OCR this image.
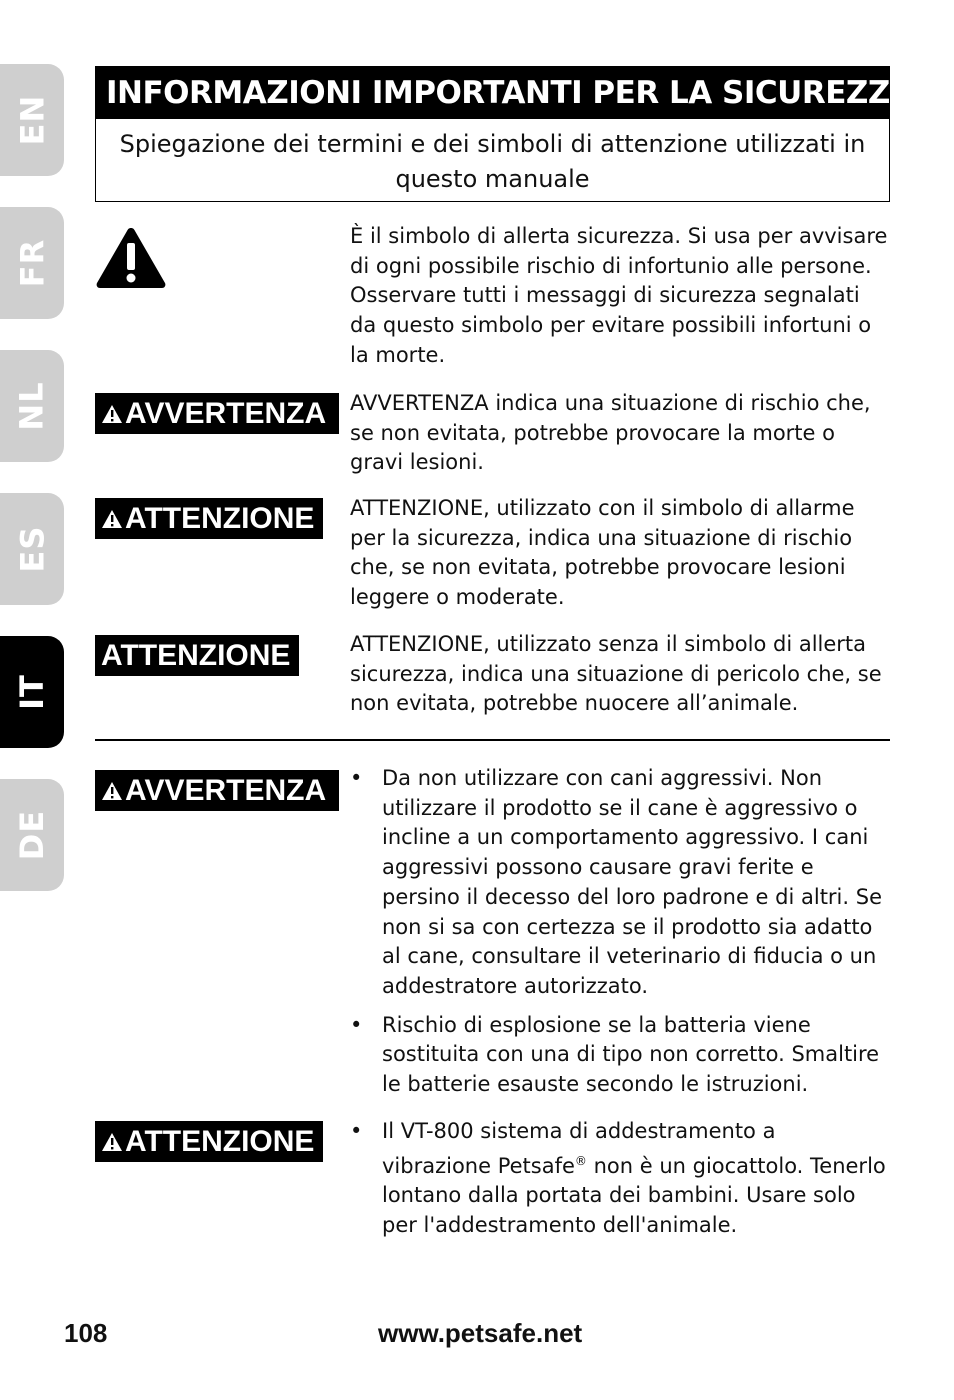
EN
FR
NL
ES
IT
DE
INFORMAZIONI IMPORTANTI PER LA SICUREZZA
Spiegazione dei termini e dei simboli di attenzione utilizzati in questo manuale
È il simbolo di allerta sicurezza. Si usa per avvisare di ogni possibile rischio di infortunio alle persone. Osservare tutti i messaggi di sicurezza segnalati da questo simbolo per evitare possibili infortuni o la morte.
AVVERTENZA AVVERTENZA indica una situazione di rischio che, se non evitata, potrebbe provocare la morte o gravi lesioni.
ATTENZIONE ATTENZIONE, utilizzato con il simbolo di allarme per la sicurezza, indica una situazione di rischio che, se non evitata, potrebbe provocare lesioni leggere o moderate.
ATTENZIONE	ATTENZIONE, utilizzato senza il simbolo di allerta sicurezza, indica una situazione di pericolo che, se non evitata, potrebbe nuocere all’animale.
AVVERTENZA • Da non utilizzare con cani aggressivi. Non utilizzare il prodotto se il cane è aggressivo o incline a un comportamento aggressivo. I cani aggressivi possono causare gravi ferite e persino il decesso del loro padrone e di altri. Se non si sa con certezza se il prodotto sia adatto al cane, consultare il veterinario di fiducia o un addestratore autorizzato.
• Rischio di esplosione se la batteria viene sostituita con una di tipo non corretto. Smaltire le batterie esauste secondo le istruzioni.
ATTENZIONE • Il VT-800 sistema di addestramento a vibrazione Petsafe® non è un giocattolo. Tenerlo lontano dalla portata dei bambini. Usare solo per l'addestramento dell'animale.
108	www.petsafe.net
